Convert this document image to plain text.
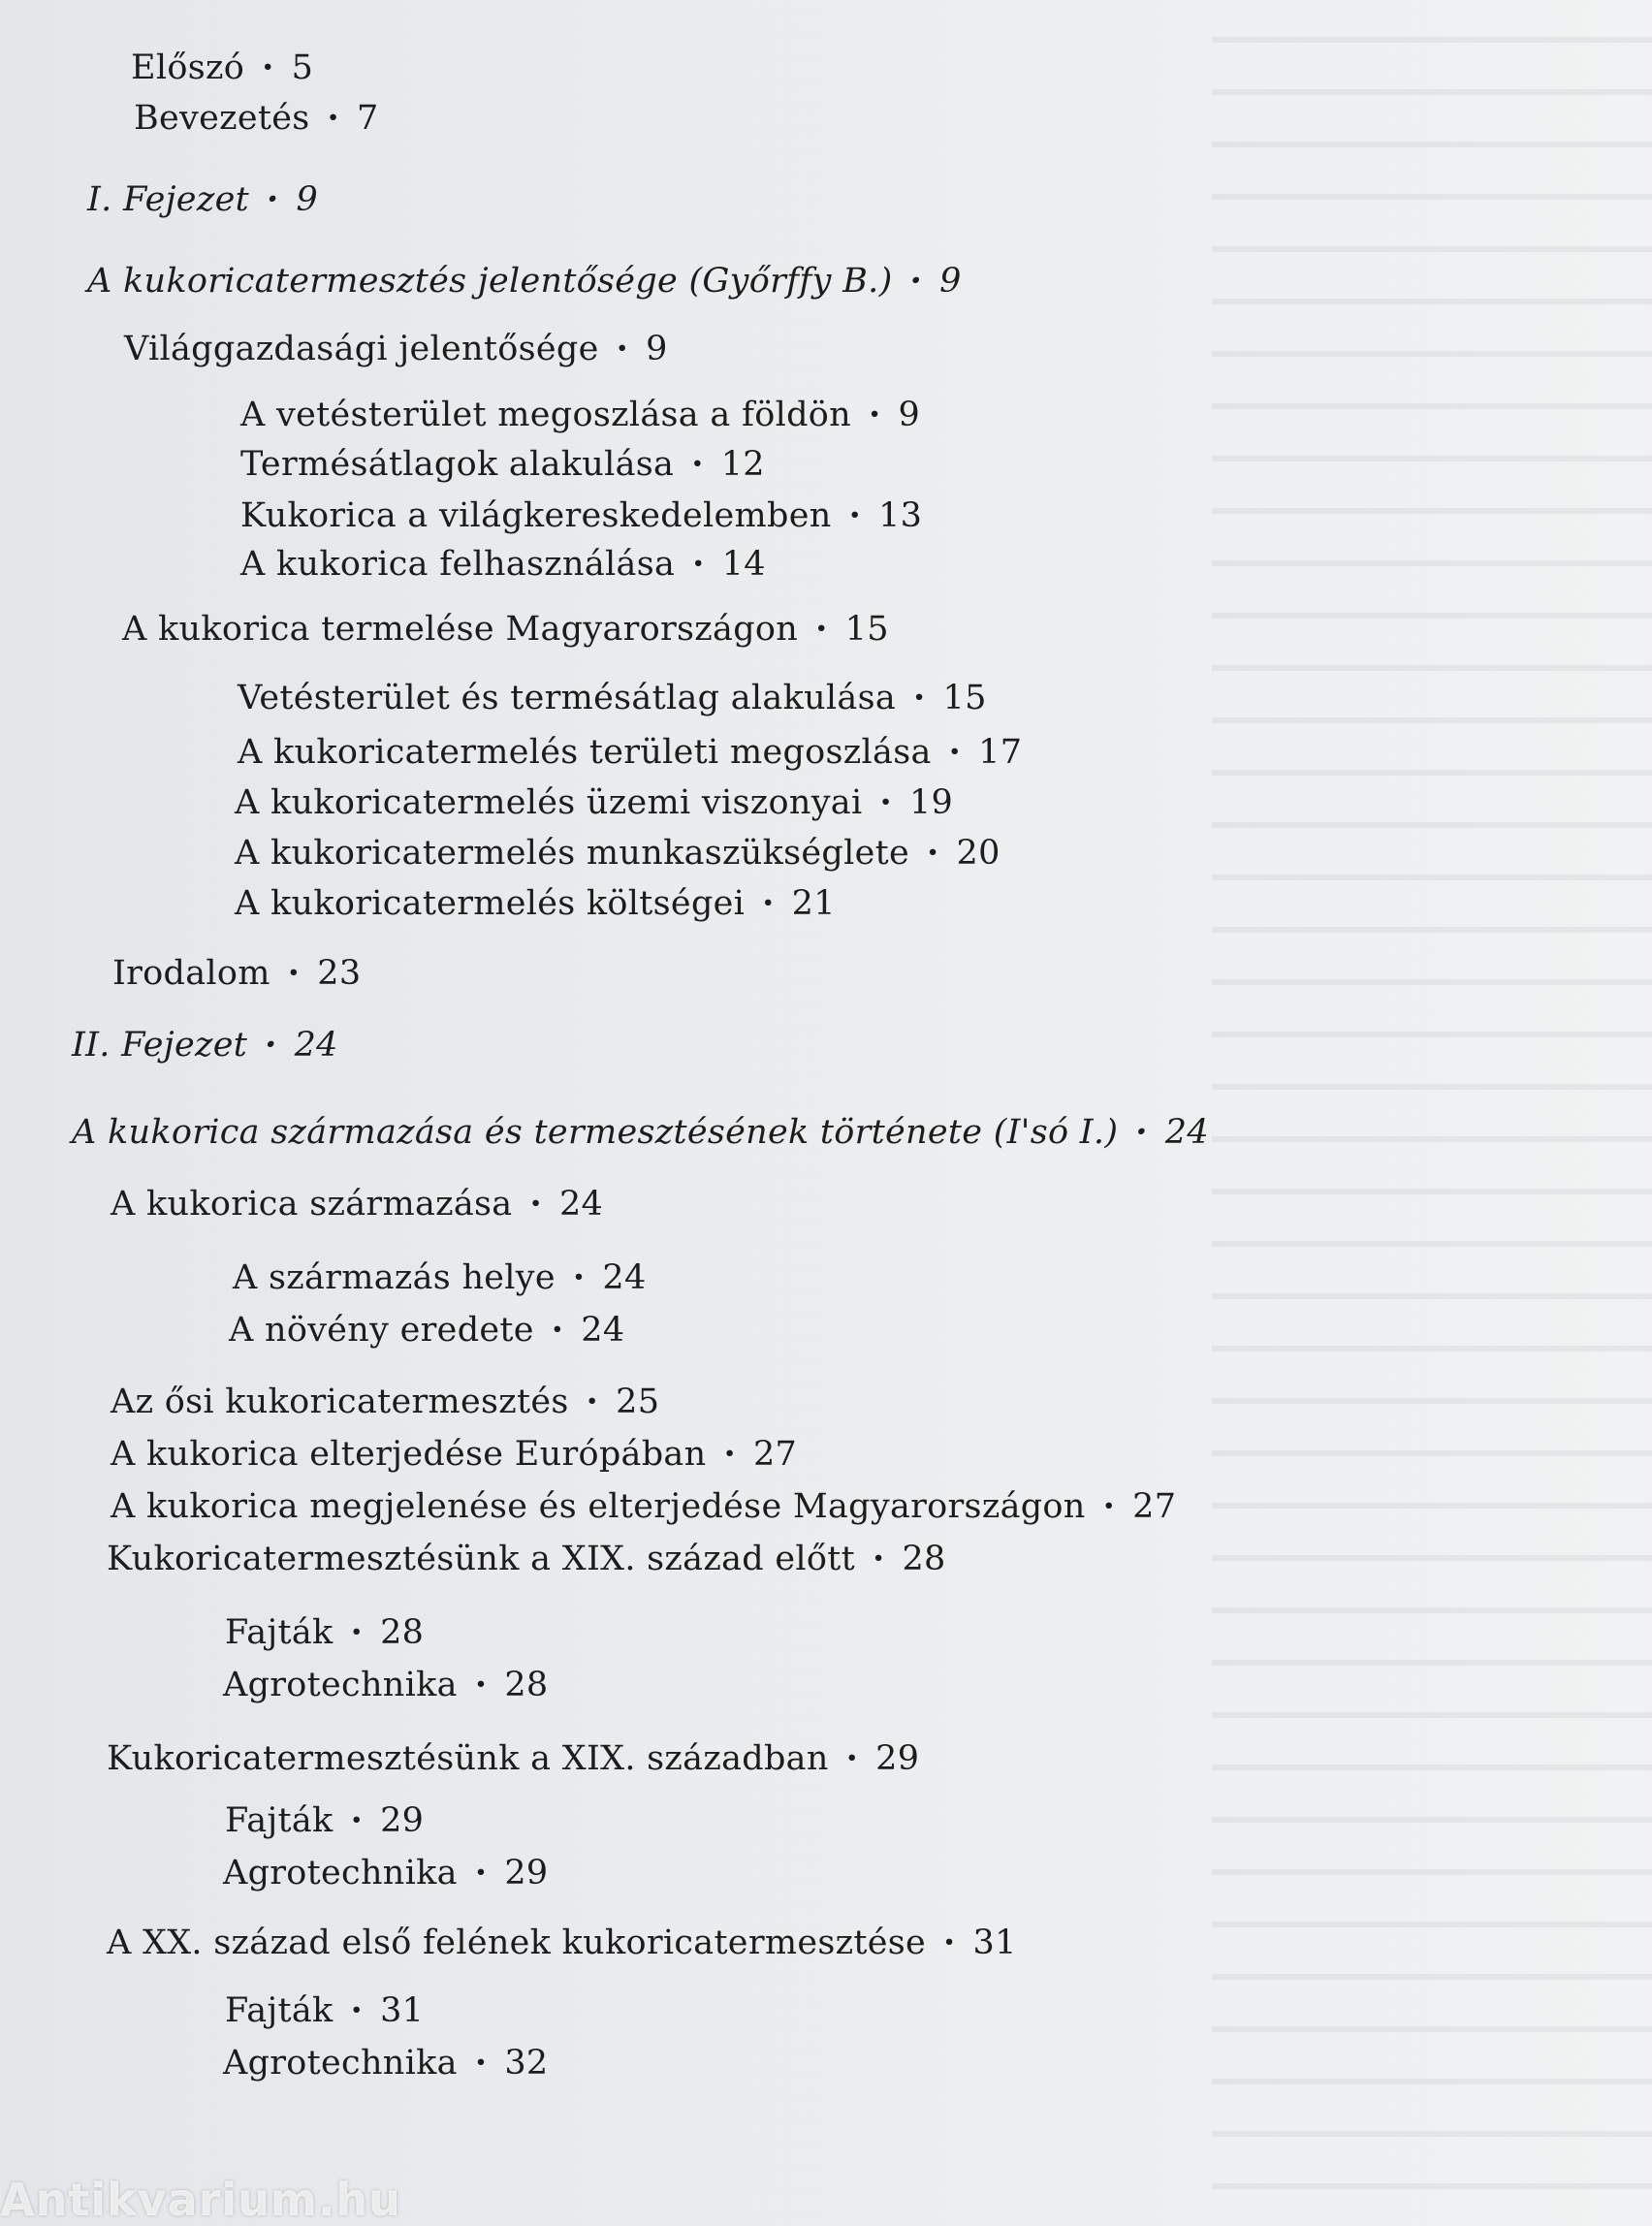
Előszó · 5
Bevezetés · 7
I. Fejezet · 9
A kukoricatermesztés jelentősége (Győrffy B.) · 9
Világgazdasági jelentősége · 9
A vetésterület megoszlása a földön · 9
Termésátlagok alakulása · 12
Kukorica a világkereskedelemben · 13
A kukorica felhasználása · 14
A kukorica termelése Magyarországon · 15
Vetésterület és termésátlag alakulása · 15
A kukoricatermelés területi megoszlása · 17
A kukoricatermelés üzemi viszonyai · 19
A kukoricatermelés munkaszükséglete · 20
A kukoricatermelés költségei · 21
Irodalom · 23
II. Fejezet · 24
A kukorica származása és termesztésének története (I'só I.) · 24
A kukorica származása · 24
A származás helye · 24
A növény eredete · 24
Az ősi kukoricatermesztés · 25
A kukorica elterjedése Európában · 27
A kukorica megjelenése és elterjedése Magyarországon · 27
Kukoricatermesztésünk a XIX. század előtt · 28
Fajták · 28
Agrotechnika · 28
Kukoricatermesztésünk a XIX. században · 29
Fajták · 29
Agrotechnika · 29
A XX. század első felének kukoricatermesztése · 31
Fajták · 31
Agrotechnika · 32
Antikvarium.hu
